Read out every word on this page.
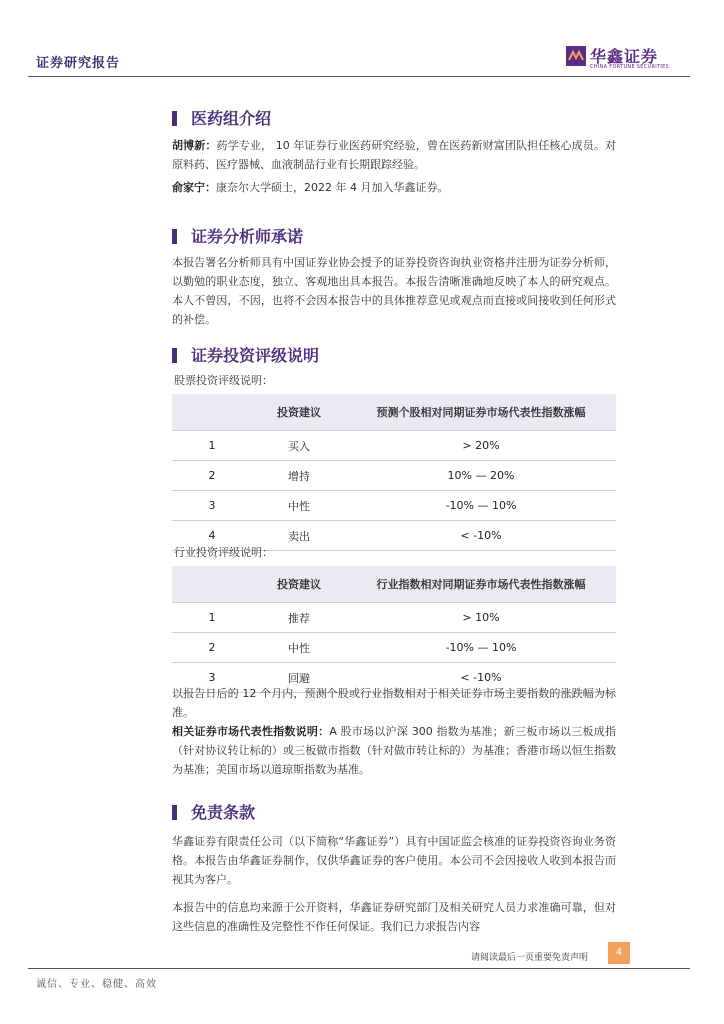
证券研究报告	华鑫证券
CHINA FORTUNE SECURITIES
医药组介绍
胡博新：药学专业， 10 年证券行业医药研究经验，曾在医药新财富团队担任核心成员。对原料药、医疗器械、血液制品行业有长期跟踪经验。
俞家宁：康奈尔大学硕士，2022 年 4 月加入华鑫证券。
证券分析师承诺
本报告署名分析师具有中国证券业协会授予的证券投资咨询执业资格并注册为证券分析师，以勤勉的职业态度，独立、客观地出具本报告。本报告清晰准确地反映了本人的研究观点。本人不曾因，不因，也将不会因本报告中的具体推荐意见或观点而直接或间接收到任何形式的补偿。
证券投资评级说明
股票投资评级说明：
	投资建议	预测个股相对同期证券市场代表性指数涨幅
1	买入	> 20%
2	增持	10% — 20%
3	中性	-10% — 10%
4	卖出	< -10%
行业投资评级说明：
	投资建议	行业指数相对同期证券市场代表性指数涨幅
1	推荐	> 10%
2	中性	-10% — 10%
3	回避	< -10%
以报告日后的 12 个月内，预测个股或行业指数相对于相关证券市场主要指数的涨跌幅为标准。
相关证券市场代表性指数说明：A 股市场以沪深 300 指数为基准；新三板市场以三板成指（针对协议转让标的）或三板做市指数（针对做市转让标的）为基准；香港市场以恒生指数为基准；美国市场以道琼斯指数为基准。
免责条款
华鑫证券有限责任公司（以下简称“华鑫证券”）具有中国证监会核准的证券投资咨询业务资格。本报告由华鑫证券制作，仅供华鑫证券的客户使用。本公司不会因接收人收到本报告而视其为客户。
本报告中的信息均来源于公开资料，华鑫证券研究部门及相关研究人员力求准确可靠，但对这些信息的准确性及完整性不作任何保证。我们已力求报告内容
请阅读最后一页重要免责声明	4
诚信、专业、稳健、高效
